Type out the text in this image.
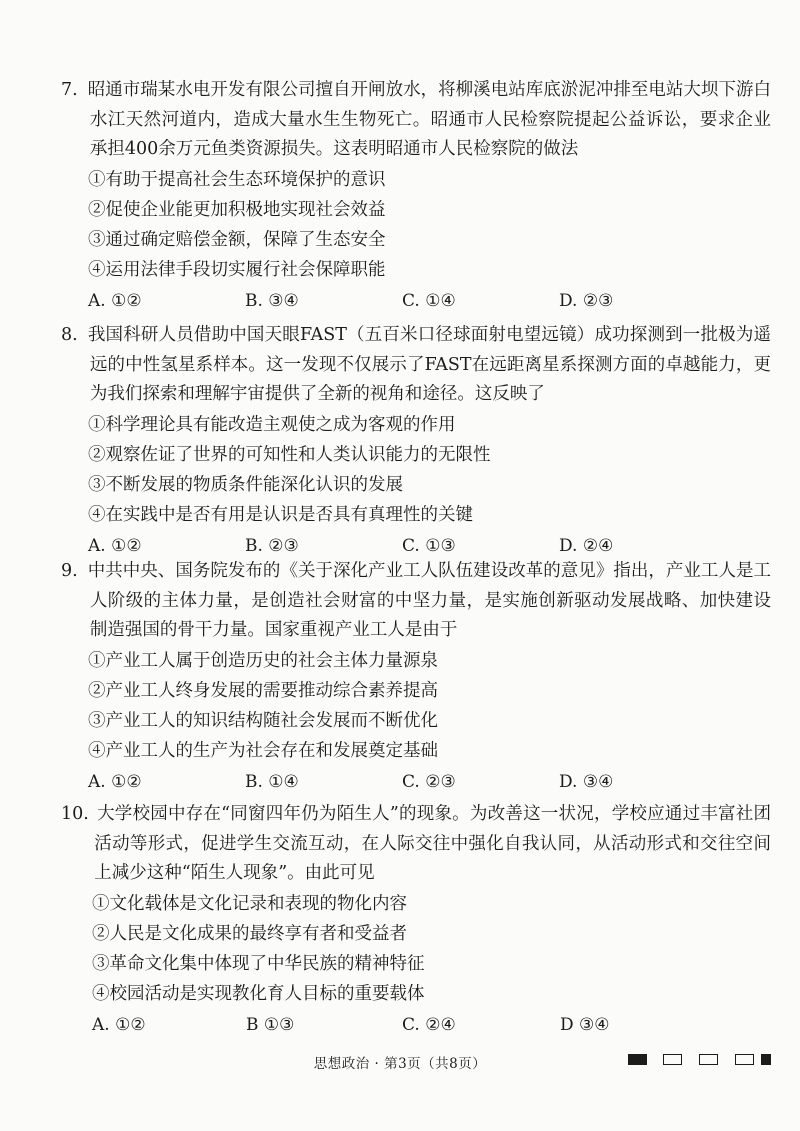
7. 昭通市瑞某水电开发有限公司擅自开闸放水，将柳溪电站库底淤泥冲排至电站大坝下游白水江天然河道内，造成大量水生生物死亡。昭通市人民检察院提起公益诉讼，要求企业承担400余万元鱼类资源损失。这表明昭通市人民检察院的做法
①有助于提高社会生态环境保护的意识
②促使企业能更加积极地实现社会效益
③通过确定赔偿金额，保障了生态安全
④运用法律手段切实履行社会保障职能
A. ①②	B. ③④	C. ①④	D. ②③
8. 我国科研人员借助中国天眼FAST（五百米口径球面射电望远镜）成功探测到一批极为遥远的中性氢星系样本。这一发现不仅展示了FAST在远距离星系探测方面的卓越能力，更为我们探索和理解宇宙提供了全新的视角和途径。这反映了
①科学理论具有能改造主观使之成为客观的作用
②观察佐证了世界的可知性和人类认识能力的无限性
③不断发展的物质条件能深化认识的发展
④在实践中是否有用是认识是否具有真理性的关键
A. ①②	B. ②③	C. ①③	D. ②④
9. 中共中央、国务院发布的《关于深化产业工人队伍建设改革的意见》指出，产业工人是工人阶级的主体力量，是创造社会财富的中坚力量，是实施创新驱动发展战略、加快建设制造强国的骨干力量。国家重视产业工人是由于
①产业工人属于创造历史的社会主体力量源泉
②产业工人终身发展的需要推动综合素养提高
③产业工人的知识结构随社会发展而不断优化
④产业工人的生产为社会存在和发展奠定基础
A. ①②	B. ①④	C. ②③	D. ③④
10. 大学校园中存在“同窗四年仍为陌生人”的现象。为改善这一状况，学校应通过丰富社团活动等形式，促进学生交流互动，在人际交往中强化自我认同，从活动形式和交往空间上减少这种“陌生人现象”。由此可见
①文化载体是文化记录和表现的物化内容
②人民是文化成果的最终享有者和受益者
③革命文化集中体现了中华民族的精神特征
④校园活动是实现教化育人目标的重要载体
A. ①②	B ①③	C. ②④	D ③④
思想政治 · 第3页（共8页）
